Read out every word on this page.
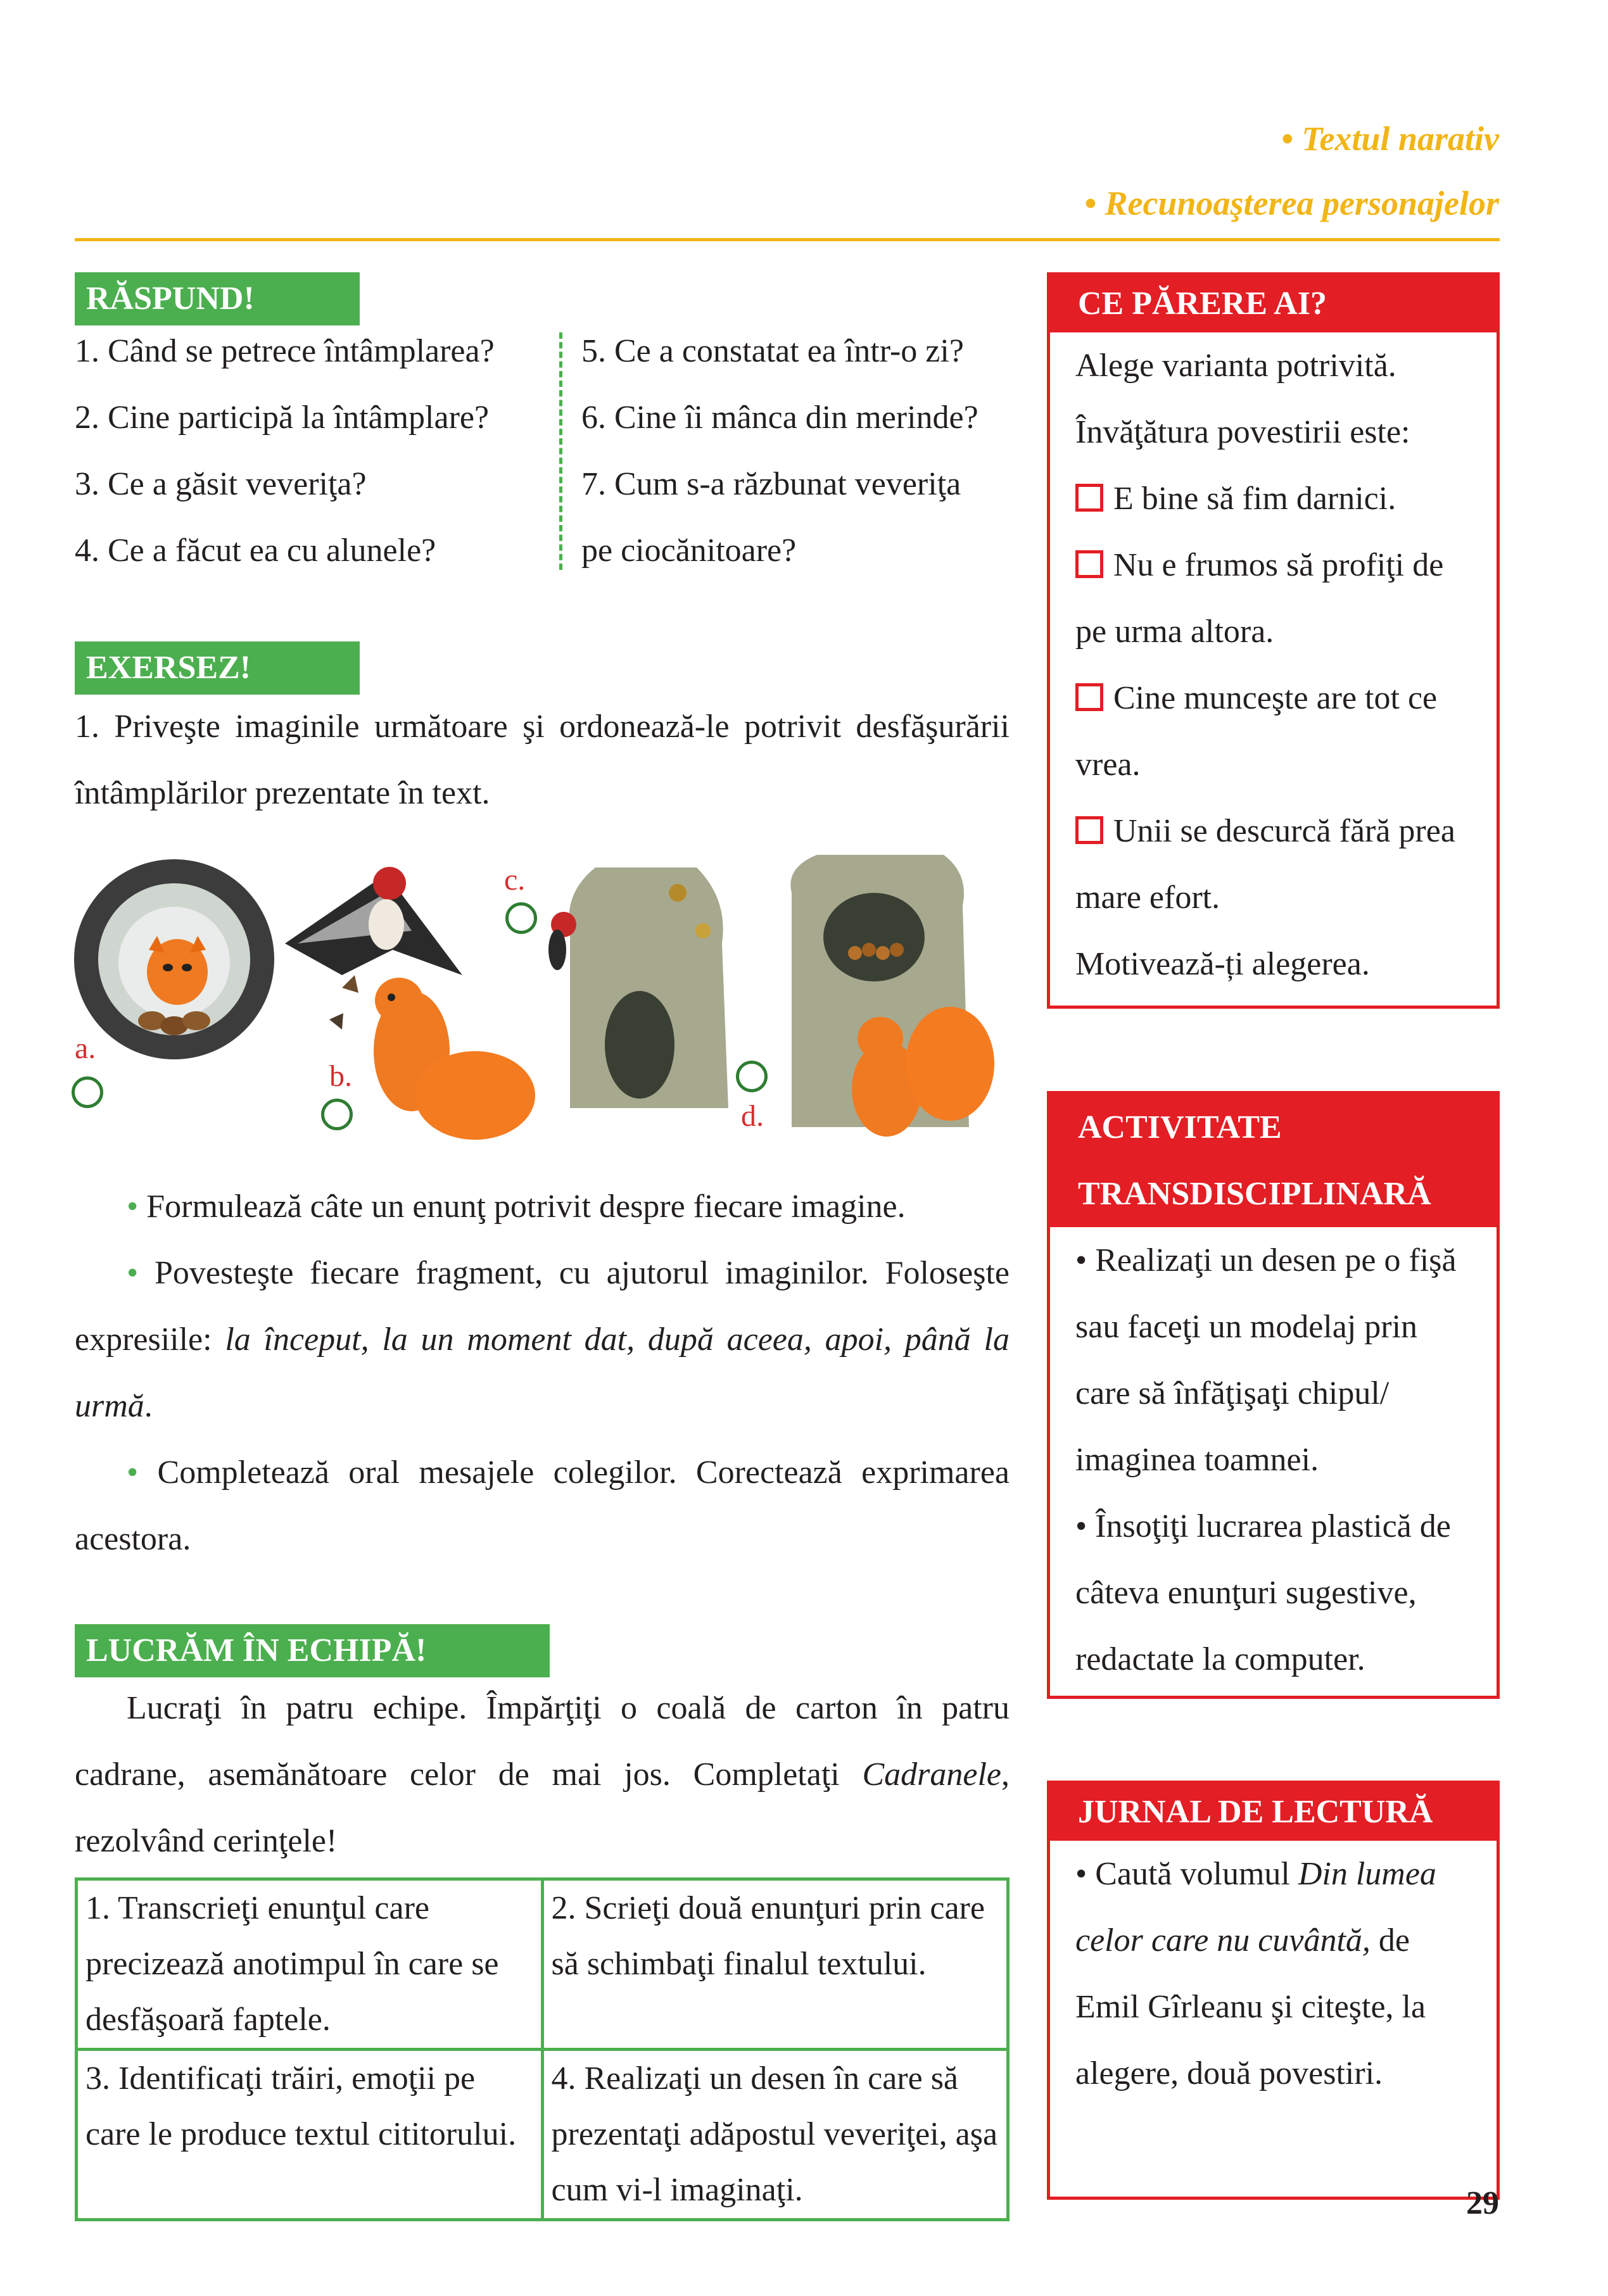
• Textul narativ
• Recunoaşterea personajelor
RĂSPUND!
1. Când se petrece întâmplarea?
2. Cine participă la întâmplare?
3. Ce a găsit veveriţa?
4. Ce a făcut ea cu alunele?
5. Ce a constatat ea într-o zi?
6. Cine îi mânca din merinde?
7. Cum s-a răzbunat veveriţa
pe ciocănitoare?
EXERSEZ!

1. Priveşte imaginile următoare şi ordonează-le potrivit desfăşurării întâmplărilor prezentate în text.

a.
b.
c.
d.

• Formulează câte un enunţ potrivit despre fiecare imagine.

• Povesteşte fiecare fragment, cu ajutorul imaginilor. Foloseşte expresiile: la început, la un moment dat, după aceea, apoi, până la urmă.

• Completează oral mesajele colegilor. Corectează exprimarea acestora.

LUCRĂM ÎN ECHIPĂ!

Lucraţi în patru echipe. Împărţiţi o coală de carton în patru cadrane, asemănătoare celor de mai jos. Completaţi Cadranele, rezolvând cerinţele!

1. Transcrieţi enunţul care precizează anotimpul în care se desfăşoară faptele.	2. Scrieţi două enunţuri prin care să schimbaţi finalul textului.
3. Identificaţi trăiri, emoţii pe care le produce textul cititorului.	4. Realizaţi un desen în care să prezentaţi adăpostul veveriţei, aşa cum vi-l imaginaţi.
CE PĂRERE AI?
Alege varianta potrivită.
Învăţătura povestirii este:
E bine să fim darnici.
Nu e frumos să profiţi de pe urma altora.
Cine munceşte are tot ce vrea.
Unii se descurcă fără prea mare efort.
Motivează-ți alegerea.
ACTIVITATE TRANSDISCIPLINARĂ
• Realizaţi un desen pe o fişă sau faceţi un modelaj prin care să înfăţişaţi chipul/ imaginea toamnei.
• Însoţiţi lucrarea plastică de câteva enunţuri sugestive, redactate la computer.
JURNAL DE LECTURĂ
• Caută volumul Din lumea celor care nu cuvântă, de Emil Gîrleanu şi citeşte, la alegere, două povestiri.
29
